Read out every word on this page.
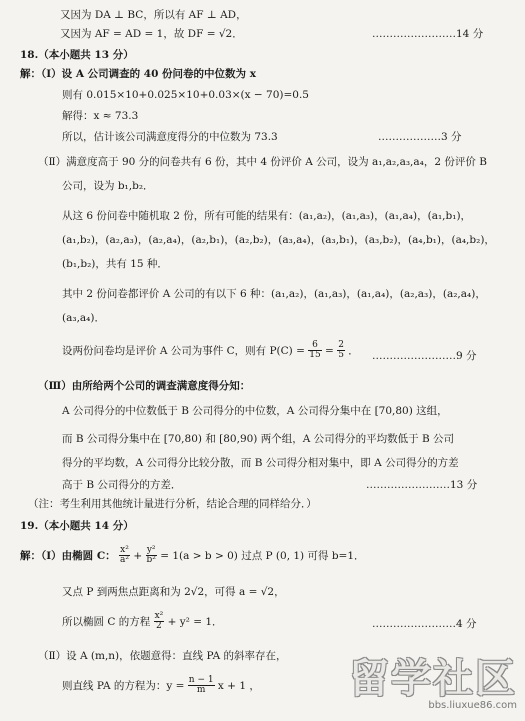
又因为 DA ⊥ BC，所以有 AF ⊥ AD，
又因为 AF = AD = 1，故 DF = √2．	……………………14 分
18.（本小题共 13 分）
解：（Ⅰ）设 A 公司调查的 40 份问卷的中位数为 x
则有 0.015×10+0.025×10+0.03×(x − 70)=0.5
解得：x ≈ 73.3
所以，估计该公司满意度得分的中位数为 73.3	………………3 分
（Ⅱ）满意度高于 90 分的问卷共有 6 份，其中 4 份评价 A 公司，设为 a₁,a₂,a₃,a₄，2 份评价 B
公司，设为 b₁,b₂．
从这 6 份问卷中随机取 2 份，所有可能的结果有：(a₁,a₂)，(a₁,a₃)，(a₁,a₄)，(a₁,b₁)，
(a₁,b₂)，(a₂,a₃)，(a₂,a₄)，(a₂,b₁)，(a₂,b₂)，(a₃,a₄)，(a₃,b₁)，(a₃,b₂)，(a₄,b₁)，(a₄,b₂)，
(b₁,b₂)，共有 15 种．
其中 2 份问卷都评价 A 公司的有以下 6 种：(a₁,a₂)，(a₁,a₃)，(a₁,a₄)，(a₂,a₃)，(a₂,a₄)，
(a₃,a₄)．
设两份问卷均是评价 A 公司为事件 C，则有 $P(C) = \frac{6}{15} = \frac{2}{5}$ ． ……………………9 分
（Ⅲ）由所给两个公司的调查满意度得分知：
A 公司得分的中位数低于 B 公司得分的中位数，A 公司得分集中在 [70,80) 这组，
而 B 公司得分集中在 [70,80) 和 [80,90) 两个组，A 公司得分的平均数低于 B 公司
得分的平均数，A 公司得分比较分散，而 B 公司得分相对集中，即 A 公司得分的方差
高于 B 公司得分的方差．	……………………13 分
（注：考生利用其他统计量进行分析，结论合理的同样给分．）
19.（本小题共 14 分）
解：（Ⅰ）由椭圆 C： $\frac{\text{x²}}{\text{a²}} + \frac{\text{y²}}{\text{b²}} = 1(a > b > 0)$ 过点 P (0, 1) 可得 b=1．
又点 P 到两焦点距离和为 2√2，可得 a = √2，
所以椭圆 C 的方程 $\frac{\text{x²}}{2} + y^2 = 1$．	……………………4 分
（Ⅱ）设 A (m,n)，依题意得：直线 PA 的斜率存在，
则直线 PA 的方程为：$y = \frac{n - 1}{m}$ x + 1 ， 留学社区
bbs.liuxue86.com
